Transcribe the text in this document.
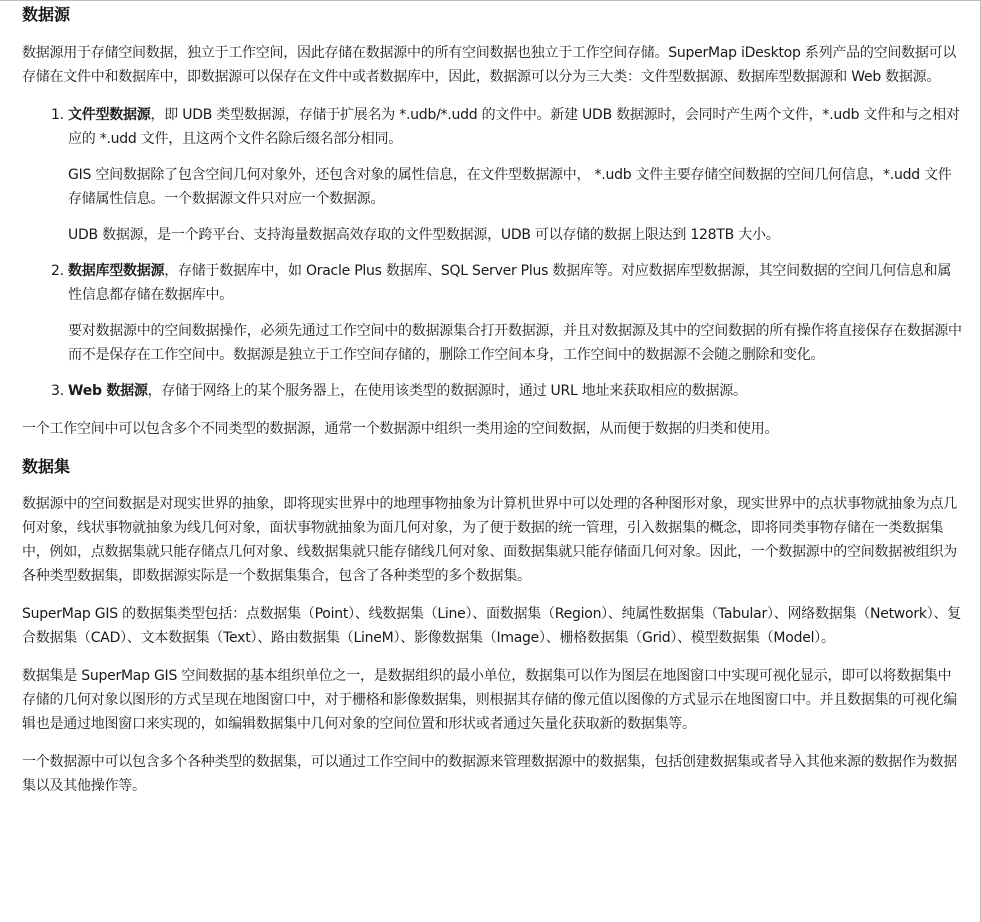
数据源

数据源用于存储空间数据，独立于工作空间，因此存储在数据源中的所有空间数据也独立于工作空间存储。SuperMap iDesktop 系列产品的空间数据可以存储在文件中和数据库中，即数据源可以保存在文件中或者数据库中，因此，数据源可以分为三大类：文件型数据源、数据库型数据源和 Web 数据源。

1. 文件型数据源，即 UDB 类型数据源，存储于扩展名为 *.udb/*.udd 的文件中。新建 UDB 数据源时，会同时产生两个文件，*.udb 文件和与之相对应的 *.udd 文件，且这两个文件名除后缀名部分相同。

GIS 空间数据除了包含空间几何对象外，还包含对象的属性信息，在文件型数据源中， *.udb 文件主要存储空间数据的空间几何信息，*.udd 文件存储属性信息。一个数据源文件只对应一个数据源。

UDB 数据源，是一个跨平台、支持海量数据高效存取的文件型数据源，UDB 可以存储的数据上限达到 128TB 大小。

2. 数据库型数据源，存储于数据库中，如 Oracle Plus 数据库、SQL Server Plus 数据库等。对应数据库型数据源，其空间数据的空间几何信息和属性信息都存储在数据库中。

要对数据源中的空间数据操作，必须先通过工作空间中的数据源集合打开数据源，并且对数据源及其中的空间数据的所有操作将直接保存在数据源中而不是保存在工作空间中。数据源是独立于工作空间存储的，删除工作空间本身，工作空间中的数据源不会随之删除和变化。

3. Web 数据源，存储于网络上的某个服务器上，在使用该类型的数据源时，通过 URL 地址来获取相应的数据源。

一个工作空间中可以包含多个不同类型的数据源，通常一个数据源中组织一类用途的空间数据，从而便于数据的归类和使用。

数据集

数据源中的空间数据是对现实世界的抽象，即将现实世界中的地理事物抽象为计算机世界中可以处理的各种图形对象，现实世界中的点状事物就抽象为点几何对象，线状事物就抽象为线几何对象，面状事物就抽象为面几何对象，为了便于数据的统一管理，引入数据集的概念，即将同类事物存储在一类数据集中，例如，点数据集就只能存储点几何对象、线数据集就只能存储线几何对象、面数据集就只能存储面几何对象。因此，一个数据源中的空间数据被组织为各种类型数据集，即数据源实际是一个数据集集合，包含了各种类型的多个数据集。

SuperMap GIS 的数据集类型包括：点数据集（Point）、线数据集（Line）、面数据集（Region）、纯属性数据集（Tabular）、网络数据集（Network）、复合数据集（CAD）、文本数据集（Text）、路由数据集（LineM）、影像数据集（Image）、栅格数据集（Grid）、模型数据集（Model）。

数据集是 SuperMap GIS 空间数据的基本组织单位之一，是数据组织的最小单位，数据集可以作为图层在地图窗口中实现可视化显示，即可以将数据集中存储的几何对象以图形的方式呈现在地图窗口中，对于栅格和影像数据集，则根据其存储的像元值以图像的方式显示在地图窗口中。并且数据集的可视化编辑也是通过地图窗口来实现的，如编辑数据集中几何对象的空间位置和形状或者通过矢量化获取新的数据集等。

一个数据源中可以包含多个各种类型的数据集，可以通过工作空间中的数据源来管理数据源中的数据集，包括创建数据集或者导入其他来源的数据作为数据集以及其他操作等。
